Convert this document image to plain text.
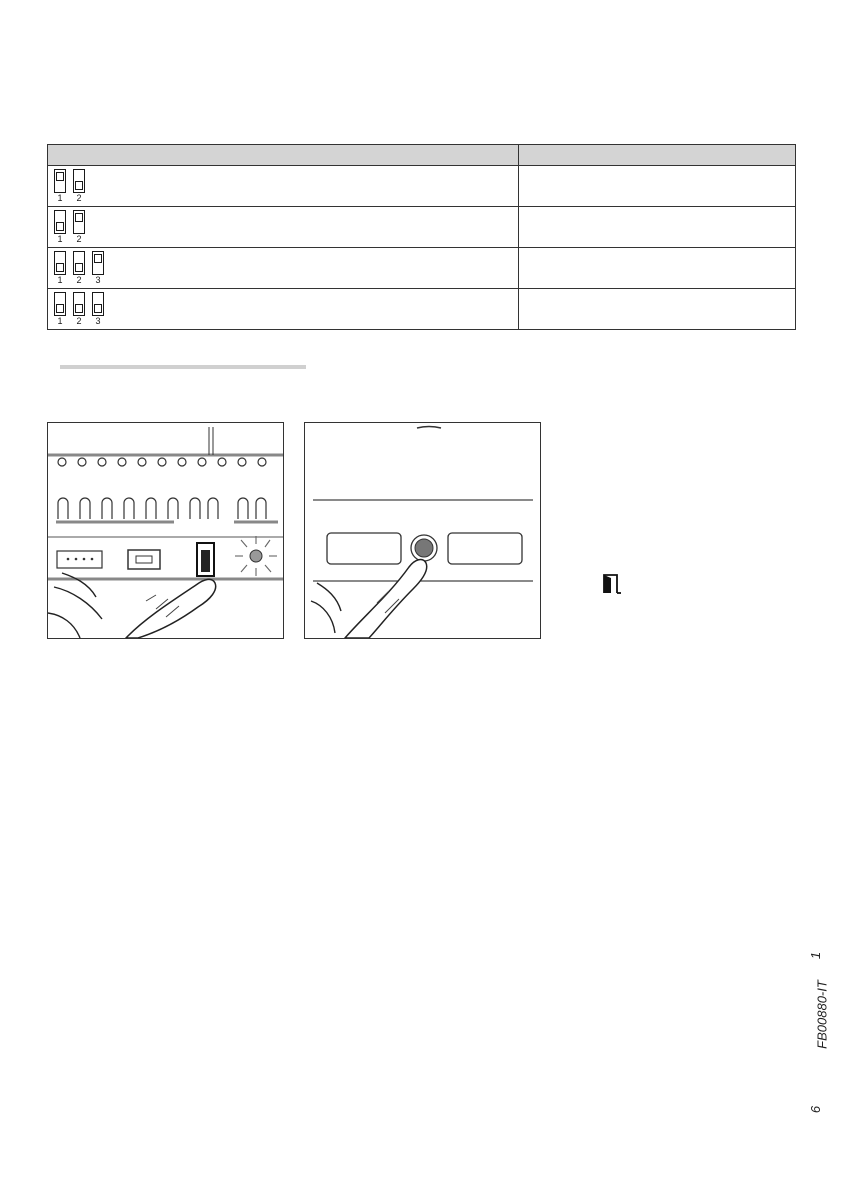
1 2	

1 2	

1 2 3	

1 2 3	

1
FB00880-IT
6
